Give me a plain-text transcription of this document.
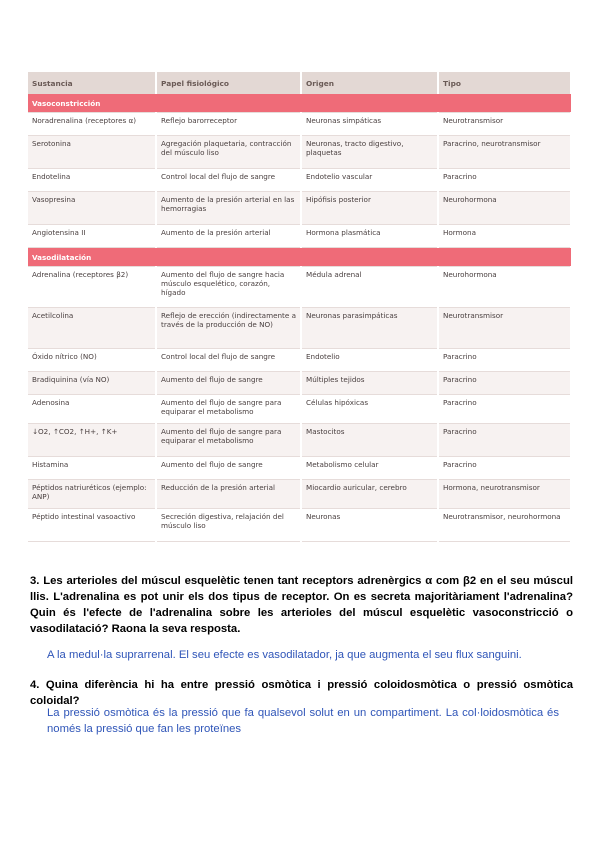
Sustancia	Papel fisiológico	Origen	Tipo
Vasoconstricción			
Noradrenalina (receptores α)	Reflejo barorreceptor	Neuronas simpáticas	Neurotransmisor
Serotonina	Agregación plaquetaria, contracción del músculo liso	Neuronas, tracto digestivo, plaquetas	Paracrino, neurotransmisor
Endotelina	Control local del flujo de sangre	Endotelio vascular	Paracrino
Vasopresina	Aumento de la presión arterial en las hemorragias	Hipófisis posterior	Neurohormona
Angiotensina II	Aumento de la presión arterial	Hormona plasmática	Hormona
Vasodilatación			
Adrenalina (receptores β2)	Aumento del flujo de sangre hacia músculo esquelético, corazón, hígado	Médula adrenal	Neurohormona
Acetilcolina	Reflejo de erección (indirectamente a través de la producción de NO)	Neuronas parasimpáticas	Neurotransmisor
Óxido nítrico (NO)	Control local del flujo de sangre	Endotelio	Paracrino
Bradiquinina (vía NO)	Aumento del flujo de sangre	Múltiples tejidos	Paracrino
Adenosina	Aumento del flujo de sangre para equiparar el metabolismo	Células hipóxicas	Paracrino
↓O2, ↑CO2, ↑H+, ↑K+	Aumento del flujo de sangre para equiparar el metabolismo	Mastocitos	Paracrino
Histamina	Aumento del flujo de sangre	Metabolismo celular	Paracrino
Péptidos natriuréticos (ejemplo: ANP)	Reducción de la presión arterial	Miocardio auricular, cerebro	Hormona, neurotransmisor
Péptido intestinal vasoactivo	Secreción digestiva, relajación del músculo liso	Neuronas	Neurotransmisor, neurohormona
3. Les arterioles del múscul esquelètic tenen tant receptors adrenèrgics α com β2 en el seu múscul llis. L'adrenalina es pot unir els dos tipus de receptor. On es secreta majoritàriament l'adrenalina? Quin és l'efecte de l'adrenalina sobre les arterioles del múscul esquelètic vasoconstricció o vasodilatació? Raona la seva resposta.
A la medul·la suprarrenal. El seu efecte es vasodilatador, ja que augmenta el seu flux sanguini.
4. Quina diferència hi ha entre pressió osmòtica i pressió coloidosmòtica o pressió osmòtica coloidal?
La pressió osmòtica és la pressió que fa qualsevol solut en un compartiment. La col·loidosmòtica és només la pressió que fan les proteïnes
